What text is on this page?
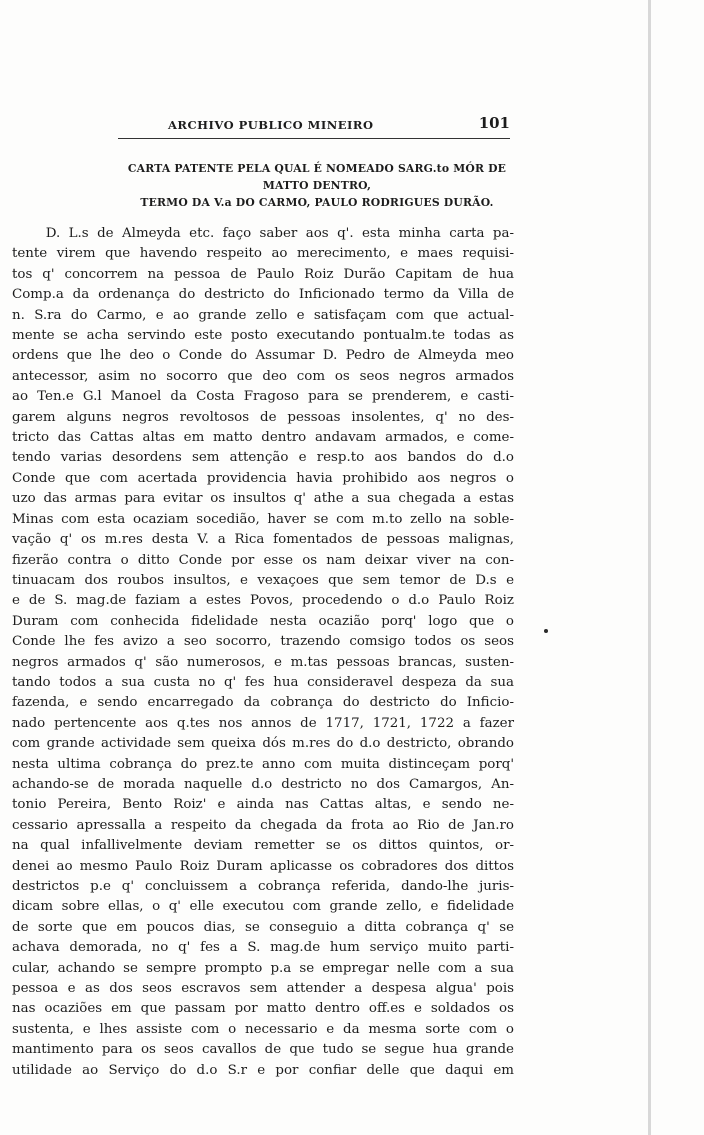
ARCHIVO PUBLICO MINEIRO	101
CARTA PATENTE PELA QUAL É NOMEADO SARG.to MÓR DE MATTO DENTRO,
TERMO DA V.a DO CARMO, PAULO RODRIGUES DURÃO.
D. L.s de Almeyda etc. faço saber aos q'. esta minha carta pa-
tente virem que havendo respeito ao merecimento, e maes requisi-
tos q' concorrem na pessoa de Paulo Roiz Durão Capitam de hua
Comp.a da ordenança do destricto do Inficionado termo da Villa de
n. S.ra do Carmo, e ao grande zello e satisfaçam com que actual-
mente se acha servindo este posto executando pontualm.te todas as
ordens que lhe deo o Conde do Assumar D. Pedro de Almeyda meo
antecessor, asim no socorro que deo com os seos negros armados
ao Ten.e G.l Manoel da Costa Fragoso para se prenderem, e casti-
garem alguns negros revoltosos de pessoas insolentes, q' no des-
tricto das Cattas altas em matto dentro andavam armados, e come-
tendo varias desordens sem attenção e resp.to aos bandos do d.o
Conde que com acertada providencia havia prohibido aos negros o
uzo das armas para evitar os insultos q' athe a sua chegada a estas
Minas com esta ocaziam socedião, haver se com m.to zello na soble-
vação q' os m.res desta V. a Rica fomentados de pessoas malignas,
fizerão contra o ditto Conde por esse os nam deixar viver na con-
tinuacam dos roubos insultos, e vexaçoes que sem temor de D.s e
e de S. mag.de faziam a estes Povos, procedendo o d.o Paulo Roiz
Duram com conhecida fidelidade nesta ocazião porq' logo que o
Conde lhe fes avizo a seo socorro, trazendo comsigo todos os seos
negros armados q' são numerosos, e m.tas pessoas brancas, susten-
tando todos a sua custa no q' fes hua consideravel despeza da sua
fazenda, e sendo encarregado da cobrança do destricto do Inficio-
nado pertencente aos q.tes nos annos de 1717, 1721, 1722 a fazer
com grande actividade sem queixa dós m.res do d.o destricto, obrando
nesta ultima cobrança do prez.te anno com muita distinceçam porq'
achando-se de morada naquelle d.o destricto no dos Camargos, An-
tonio Pereira, Bento Roiz' e ainda nas Cattas altas, e sendo ne-
cessario apressalla a respeito da chegada da frota ao Rio de Jan.ro
na qual infallivelmente deviam remetter se os dittos quintos, or-
denei ao mesmo Paulo Roiz Duram aplicasse os cobradores dos dittos
destrictos p.e q' concluissem a cobrança referida, dando-lhe juris-
dicam sobre ellas, o q' elle executou com grande zello, e fidelidade
de sorte que em poucos dias, se conseguio a ditta cobrança q' se
achava demorada, no q' fes a S. mag.de hum serviço muito parti-
cular, achando se sempre prompto p.a se empregar nelle com a sua
pessoa e as dos seos escravos sem attender a despesa algua' pois
nas ocaziões em que passam por matto dentro off.es e soldados os
sustenta, e lhes assiste com o necessario e da mesma sorte com o
mantimento para os seos cavallos de que tudo se segue hua grande
utilidade ao Serviço do d.o S.r e por confiar delle que daqui em
